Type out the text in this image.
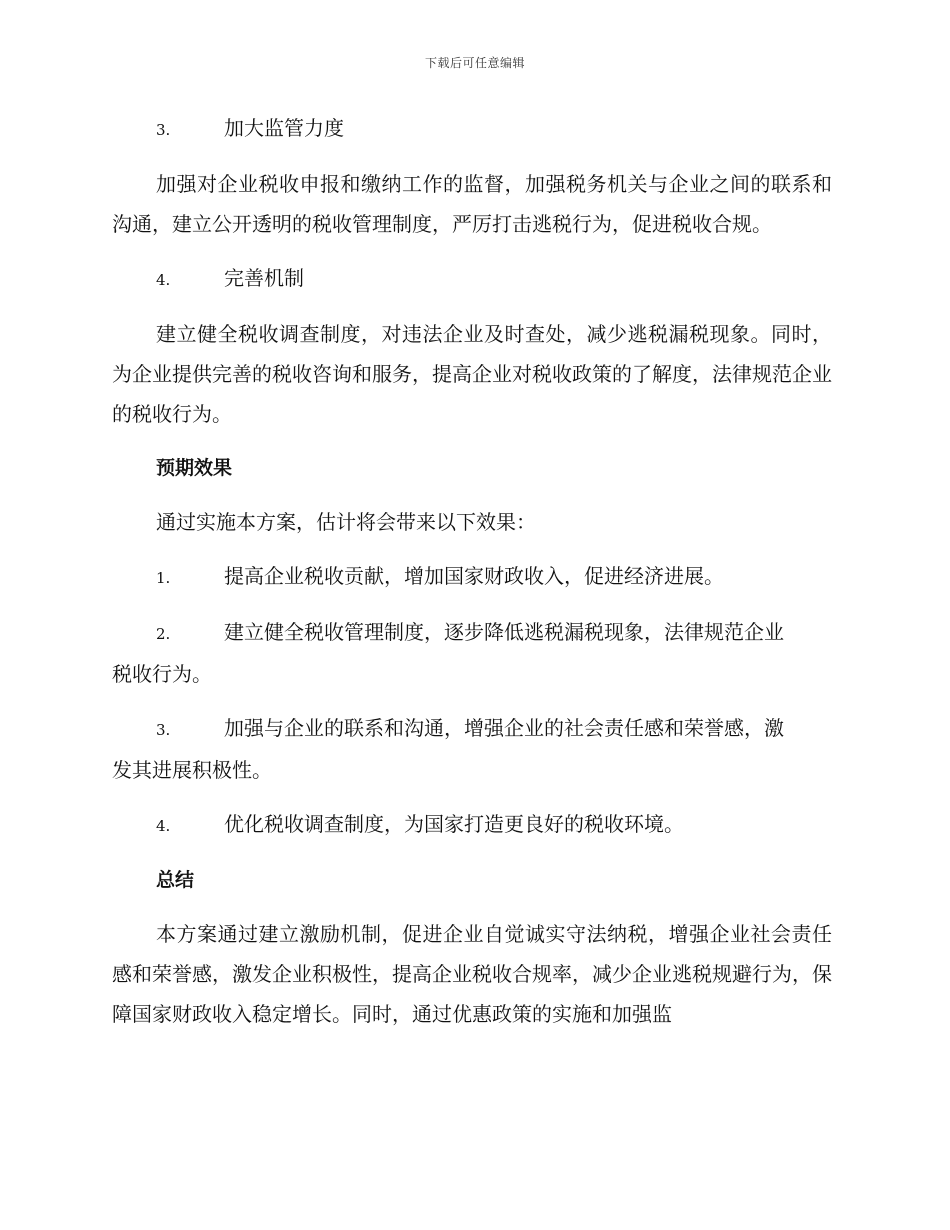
下载后可任意编辑
3.	加大监管力度

加强对企业税收申报和缴纳工作的监督，加强税务机关与企业之间的联系和沟通，建立公开透明的税收管理制度，严厉打击逃税行为，促进税收合规。

4.	完善机制

建立健全税收调查制度，对违法企业及时查处，减少逃税漏税现象。同时，为企业提供完善的税收咨询和服务，提高企业对税收政策的了解度，法律规范企业的税收行为。

预期效果

通过实施本方案，估计将会带来以下效果：

1.	提高企业税收贡献，增加国家财政收入，促进经济进展。
2.	建立健全税收管理制度，逐步降低逃税漏税现象，法律规范企业
税收行为。
3.	加强与企业的联系和沟通，增强企业的社会责任感和荣誉感，激
发其进展积极性。
4.	优化税收调查制度，为国家打造更良好的税收环境。
总结

本方案通过建立激励机制，促进企业自觉诚实守法纳税，增强企业社会责任感和荣誉感，激发企业积极性，提高企业税收合规率，减少企业逃税规避行为，保障国家财政收入稳定增长。同时，通过优惠政策的实施和加强监
